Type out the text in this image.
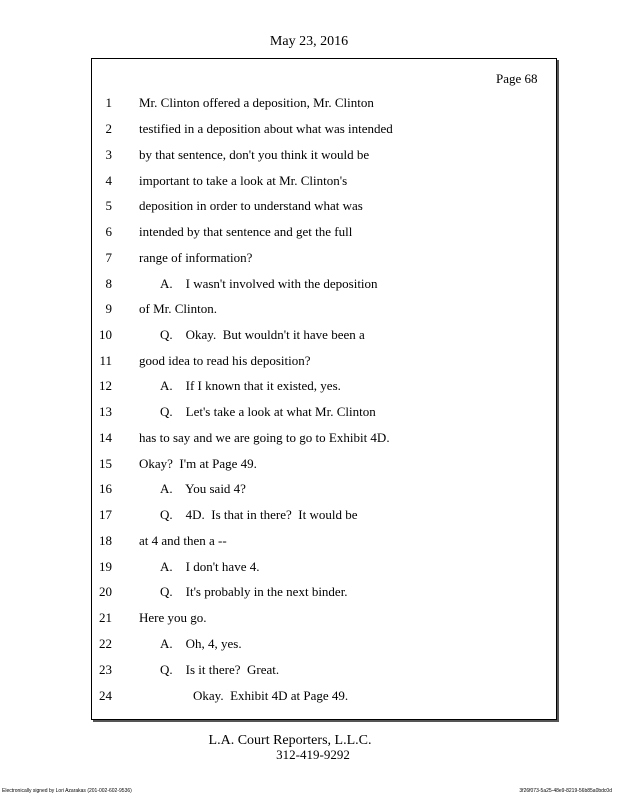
May 23, 2016
Page 68
1 Mr. Clinton offered a deposition, Mr. Clinton
2 testified in a deposition about what was intended
3 by that sentence, don't you think it would be
4 important to take a look at Mr. Clinton's
5 deposition in order to understand what was
6 intended by that sentence and get the full
7 range of information?
8	A.    I wasn't involved with the deposition
9 of Mr. Clinton.
10	Q.    Okay.  But wouldn't it have been a
11 good idea to read his deposition?
12	A.    If I known that it existed, yes.
13	Q.    Let's take a look at what Mr. Clinton
14 has to say and we are going to go to Exhibit 4D.
15 Okay?  I'm at Page 49.
16	A.    You said 4?
17	Q.    4D.  Is that in there?  It would be
18 at 4 and then a --
19	A.    I don't have 4.
20	Q.    It's probably in the next binder.
21 Here you go.
22	A.    Oh, 4, yes.
23	Q.    Is it there?  Great.
24	Okay.  Exhibit 4D at Page 49.
L.A. Court Reporters, L.L.C.
312-419-9292
Electronically signed by Lori Azarakas (201-002-602-9536)	3f26f073-5a25-48e9-8219-56b85a0bdc0d
